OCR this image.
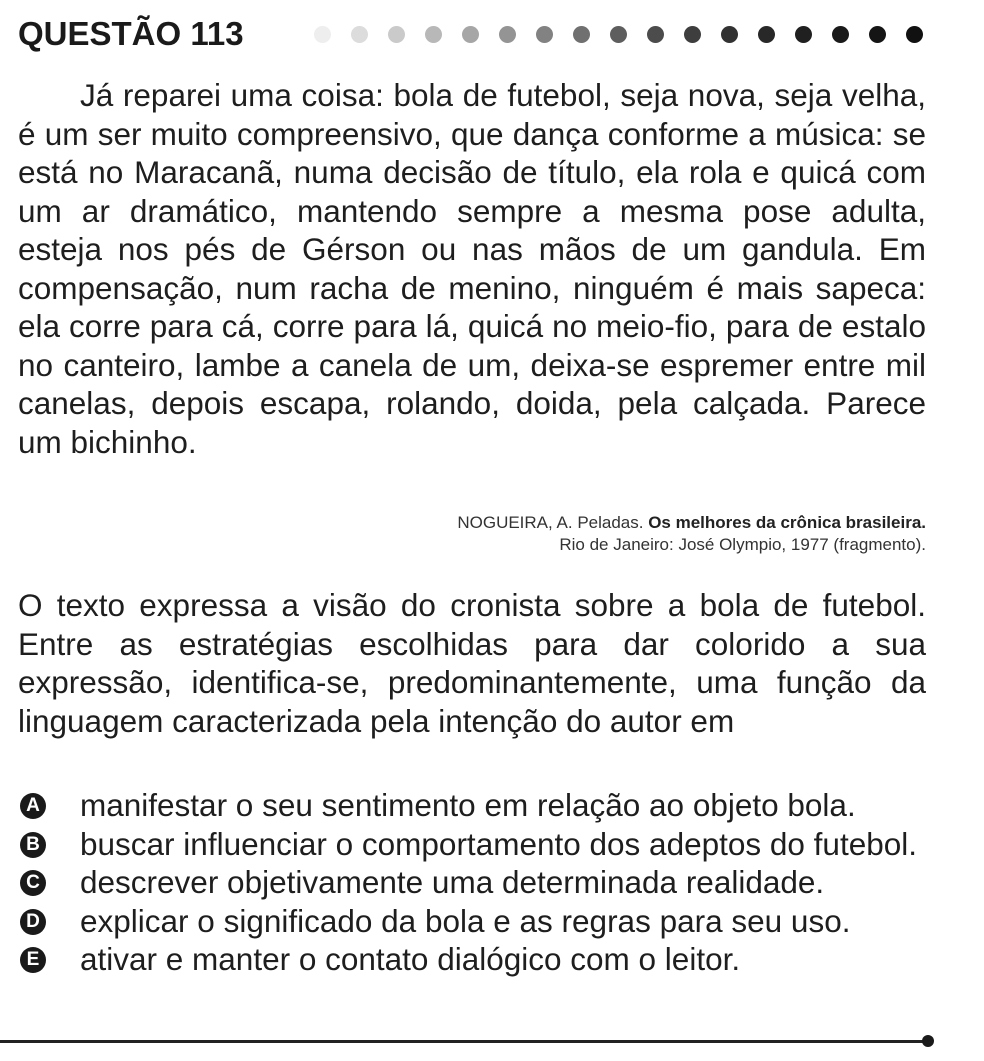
QUESTÃO 113

Já reparei uma coisa: bola de futebol, seja nova, seja velha, é um ser muito compreensivo, que dança conforme a música: se está no Maracanã, numa decisão de título, ela rola e quicá com um ar dramático, mantendo sempre a mesma pose adulta, esteja nos pés de Gérson ou nas mãos de um gandula. Em compensação, num racha de menino, ninguém é mais sapeca: ela corre para cá, corre para lá, quicá no meio-fio, para de estalo no canteiro, lambe a canela de um, deixa-se espremer entre mil canelas, depois escapa, rolando, doida, pela calçada. Parece um bichinho.

NOGUEIRA, A. Peladas. Os melhores da crônica brasileira.
Rio de Janeiro: José Olympio, 1977 (fragmento).

O texto expressa a visão do cronista sobre a bola de futebol. Entre as estratégias escolhidas para dar colorido a sua expressão, identifica-se, predominantemente, uma função da linguagem caracterizada pela intenção do autor em

A manifestar o seu sentimento em relação ao objeto bola.
B buscar influenciar o comportamento dos adeptos do futebol.
C descrever objetivamente uma determinada realidade.
D explicar o significado da bola e as regras para seu uso.
E ativar e manter o contato dialógico com o leitor.
